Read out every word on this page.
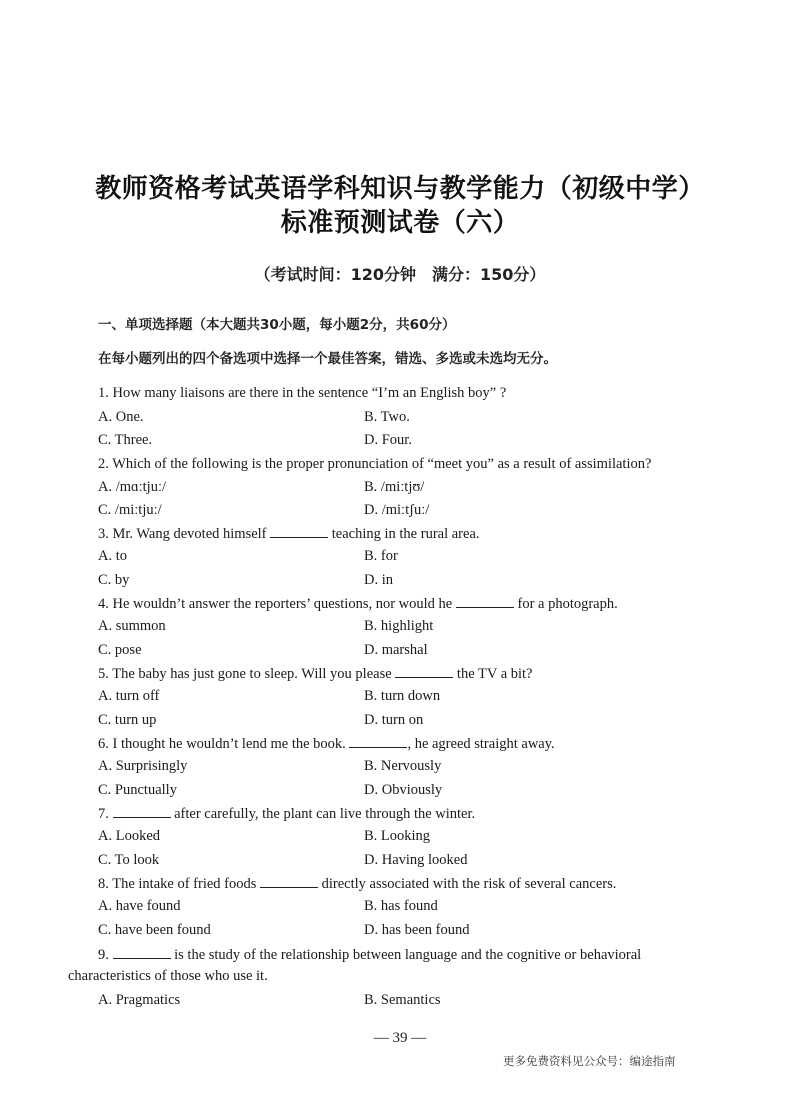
教师资格考试英语学科知识与教学能力（初级中学）
标准预测试卷（六）
（考试时间：120分钟　满分：150分）
一、单项选择题（本大题共30小题，每小题2分，共60分）
在每小题列出的四个备选项中选择一个最佳答案，错选、多选或未选均无分。
1. How many liaisons are there in the sentence “I’m an English boy” ?
A. One.	B. Two.
C. Three.	D. Four.
2. Which of the following is the proper pronunciation of “meet you” as a result of assimilation?
A. /mɑːtjuː/	B. /miːtjʊ/
C. /miːtjuː/	D. /miːtʃuː/
3. Mr. Wang devoted himself	teaching in the rural area.
A. to	B. for
C. by	D. in
4. He wouldn’t answer the reporters’ questions, nor would he	for a photograph.
A. summon	B. highlight
C. pose	D. marshal
5. The baby has just gone to sleep. Will you please	the TV a bit?
A. turn off	B. turn down
C. turn up	D. turn on
6. I thought he wouldn’t lend me the book.	, he agreed straight away.
A. Surprisingly	B. Nervously
C. Punctually	D. Obviously
7.	after carefully, the plant can live through the winter.
A. Looked	B. Looking
C. To look	D. Having looked
8. The intake of fried foods	directly associated with the risk of several cancers.
A. have found	B. has found
C. have been found	D. has been found
9.	is the study of the relationship between language and the cognitive or behavioral
characteristics of those who use it.
A. Pragmatics	B. Semantics
— 39 —
更多免费资料见公众号：编途指南
